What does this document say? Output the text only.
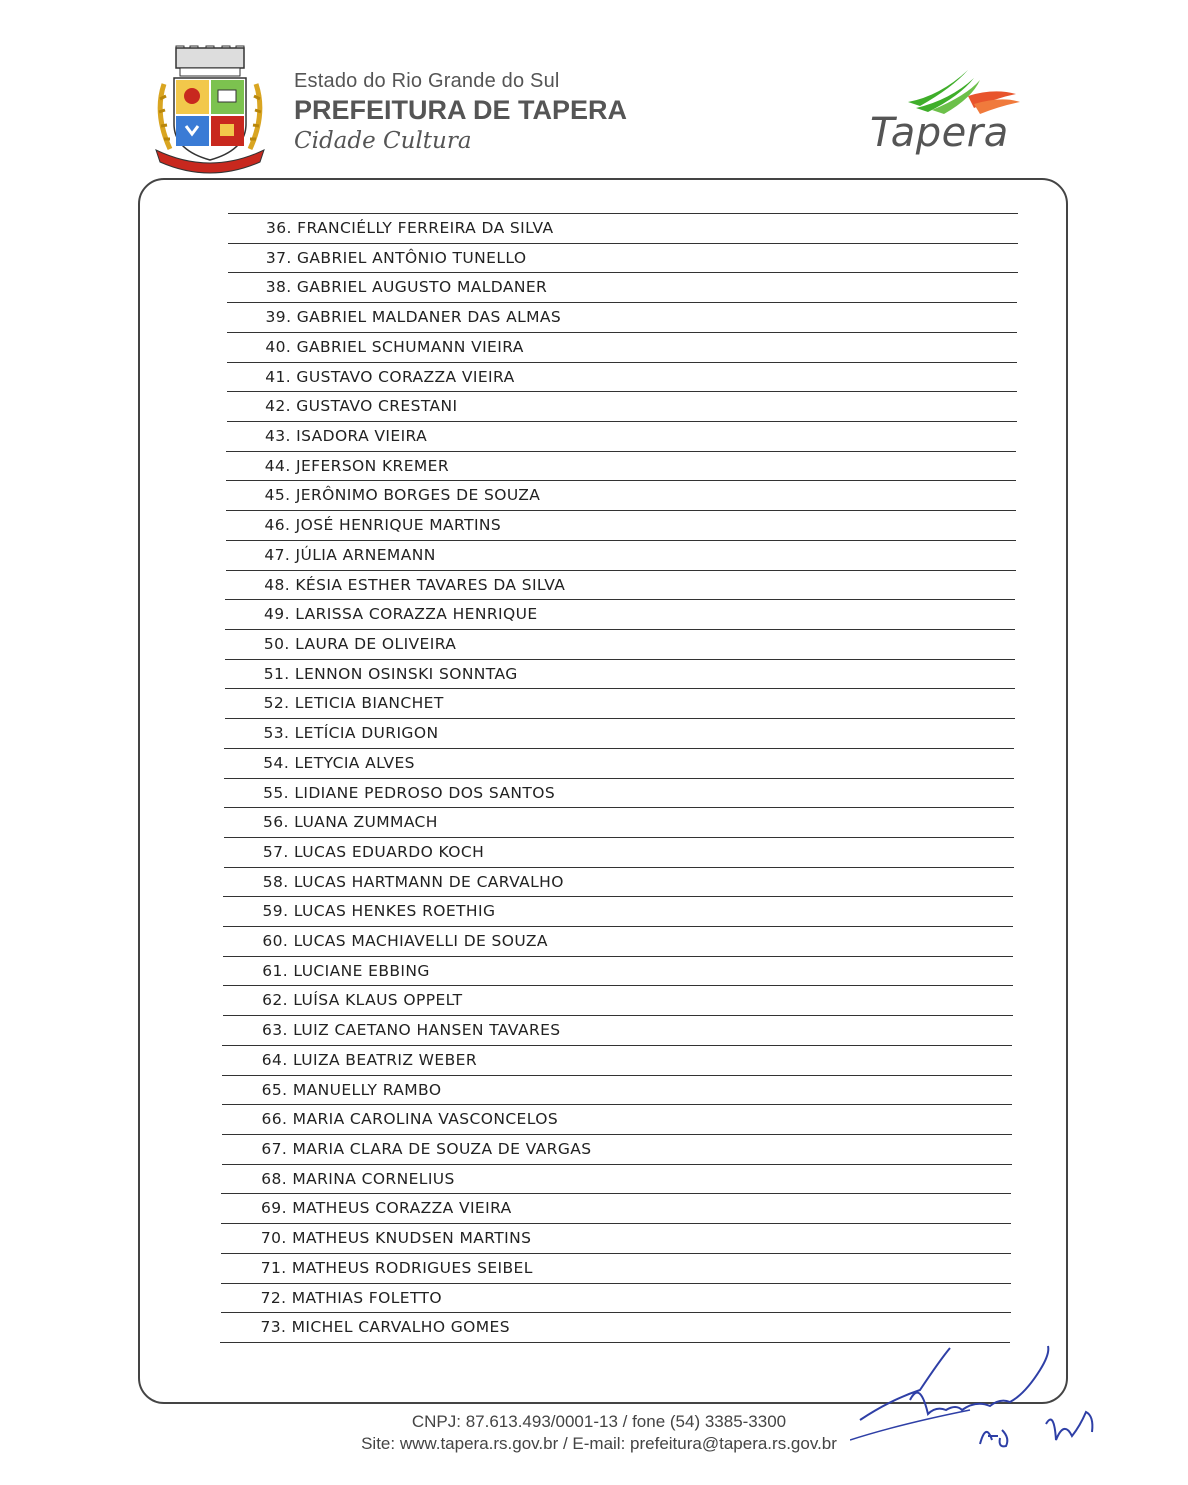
Estado do Rio Grande do Sul
PREFEITURA DE TAPERA
Cidade Cultura	Tapera
36. FRANCIÉLLY FERREIRA DA SILVA
37. GABRIEL ANTÔNIO TUNELLO
38. GABRIEL AUGUSTO MALDANER
39. GABRIEL MALDANER DAS ALMAS
40. GABRIEL SCHUMANN VIEIRA
41. GUSTAVO CORAZZA VIEIRA
42. GUSTAVO CRESTANI
43. ISADORA VIEIRA
44. JEFERSON KREMER
45. JERÔNIMO BORGES DE SOUZA
46. JOSÉ HENRIQUE MARTINS
47. JÚLIA ARNEMANN
48. KÉSIA ESTHER TAVARES DA SILVA
49. LARISSA CORAZZA HENRIQUE
50. LAURA DE OLIVEIRA
51. LENNON OSINSKI SONNTAG
52. LETICIA BIANCHET
53. LETÍCIA DURIGON
54. LETYCIA ALVES
55. LIDIANE PEDROSO DOS SANTOS
56. LUANA ZUMMACH
57. LUCAS EDUARDO KOCH
58. LUCAS HARTMANN DE CARVALHO
59. LUCAS HENKES ROETHIG
60. LUCAS MACHIAVELLI DE SOUZA
61. LUCIANE EBBING
62. LUÍSA KLAUS OPPELT
63. LUIZ CAETANO HANSEN TAVARES
64. LUIZA BEATRIZ WEBER
65. MANUELLY RAMBO
66. MARIA CAROLINA VASCONCELOS
67. MARIA CLARA DE SOUZA DE VARGAS
68. MARINA CORNELIUS
69. MATHEUS CORAZZA VIEIRA
70. MATHEUS KNUDSEN MARTINS
71. MATHEUS RODRIGUES SEIBEL
72. MATHIAS FOLETTO
73. MICHEL CARVALHO GOMES
CNPJ: 87.613.493/0001-13 / fone (54) 3385-3300
Site: www.tapera.rs.gov.br / E-mail: prefeitura@tapera.rs.gov.br
